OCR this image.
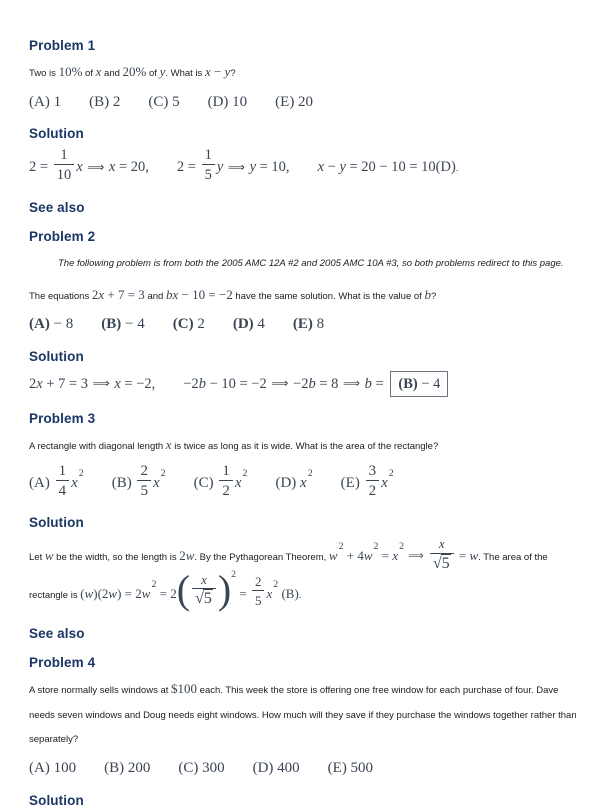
Problem 1

Two is 10% of x and 20% of y. What is x − y?

(A) 1 (B) 2 (C) 5 (D) 10 (E) 20

Solution
$2 = \frac{1}{10}$ x ⟹ x = 20, $2 = \frac{1}{5}$ y ⟹ y = 10, x − y = 20 − 10 = 10(D).
See also
Problem 2

The following problem is from both the 2005 AMC 12A #2 and 2005 AMC 10A #3, so both problems redirect to this page.

The equations 2x + 7 = 3 and bx − 10 = −2 have the same solution. What is the value of b?

(A) − 8 (B) − 4 (C) 2 (D) 4 (E) 8

Solution
2x + 7 = 3 ⟹ x = −2, −2b − 10 = −2 ⟹ −2b = 8 ⟹ b = (B) − 4
Problem 3

A rectangle with diagonal length x is twice as long as it is wide. What is the area of the rectangle?

$(A) \frac{1}{4} x^2(B) \frac{2}{5} x^2(C) \frac{1}{2} x^2(D)$ $x^2(E) \frac{3}{2} x^2$

Solution

Let w be the width, so the length is 2w. By the Pythagorean Theorem, $w^2 + 4w^2 = x^2$ ⟹ $\frac{x}{√5} = w$. The area of the rectangle is $(w)(2w) = 2w^2 = 2( \frac{x}{√5} )^2 = \frac{2}{5} x^2$ (B).

See also
Problem 4

A store normally sells windows at $100 each. This week the store is offering one free window for each purchase of four. Dave needs seven windows and Doug needs eight windows. How much will they save if they purchase the windows together rather than separately?

(A) 100 (B) 200 (C) 300 (D) 400 (E) 500

Solution
